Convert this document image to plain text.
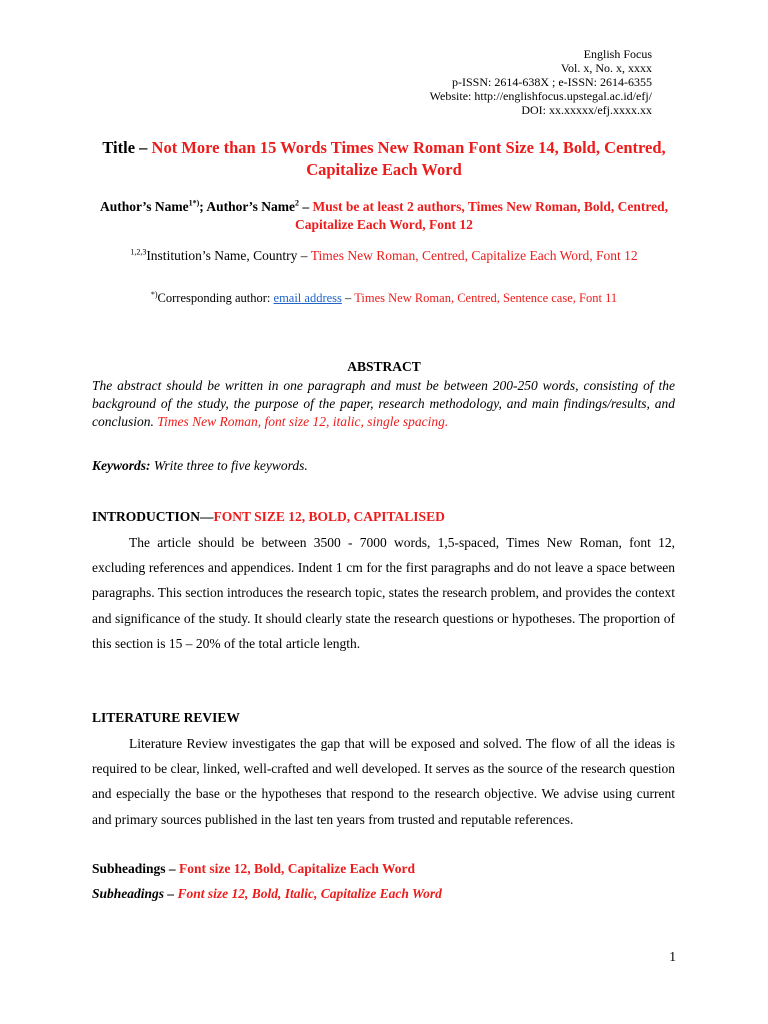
English Focus
Vol. x, No. x, xxxx
p-ISSN: 2614-638X ; e-ISSN: 2614-6355
Website: http://englishfocus.upstegal.ac.id/efj/
DOI: xx.xxxxx/efj.xxxx.xx
Title – Not More than 15 Words Times New Roman Font Size 14, Bold, Centred, Capitalize Each Word
Author’s Name$^{1*)}$; Author’s Name$^2$ – Must be at least 2 authors, Times New Roman, Bold, Centred, Capitalize Each Word, Font 12
$^{1,2,3}$Institution’s Name, Country – Times New Roman, Centred, Capitalize Each Word, Font 12
*)Corresponding author: email address – Times New Roman, Centred, Sentence case, Font 11
ABSTRACT
The abstract should be written in one paragraph and must be between 200-250 words, consisting of the background of the study, the purpose of the paper, research methodology, and main findings/results, and conclusion. Times New Roman, font size 12, italic, single spacing.
Keywords: Write three to five keywords.
INTRODUCTION—FONT SIZE 12, BOLD, CAPITALISED
The article should be between 3500 - 7000 words, 1,5-spaced, Times New Roman, font 12, excluding references and appendices. Indent 1 cm for the first paragraphs and do not leave a space between paragraphs. This section introduces the research topic, states the research problem, and provides the context and significance of the study. It should clearly state the research questions or hypotheses. The proportion of this section is 15 – 20% of the total article length.
LITERATURE REVIEW
Literature Review investigates the gap that will be exposed and solved. The flow of all the ideas is required to be clear, linked, well-crafted and well developed. It serves as the source of the research question and especially the base or the hypotheses that respond to the research objective. We advise using current and primary sources published in the last ten years from trusted and reputable references.
Subheadings – Font size 12, Bold, Capitalize Each Word
Subheadings – Font size 12, Bold, Italic, Capitalize Each Word
1
